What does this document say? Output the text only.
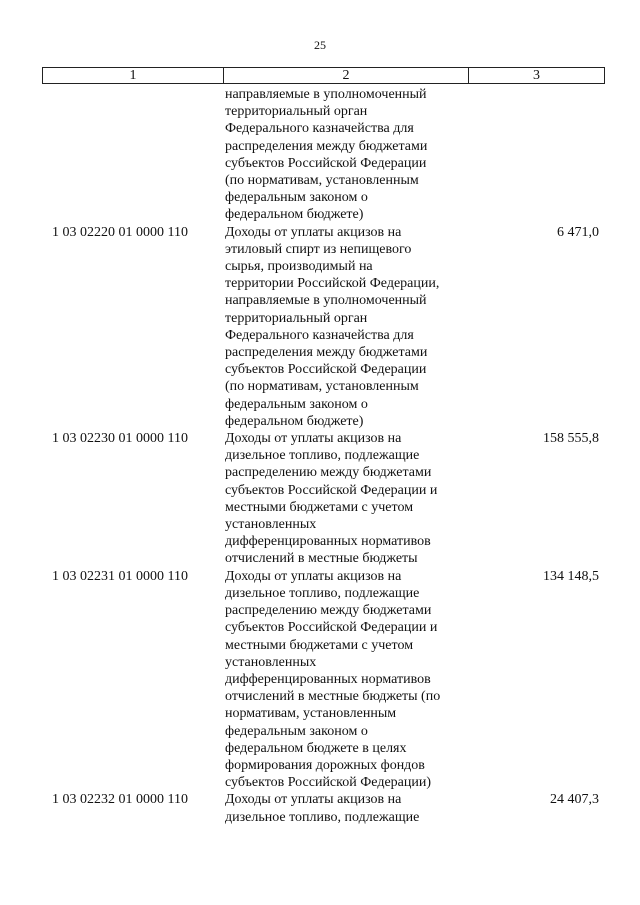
25
1	2	3
направляемые в уполномоченный
территориальный орган
Федерального казначейства для
распределения между бюджетами
субъектов Российской Федерации
(по нормативам, установленным
федеральным законом о
федеральном бюджете)
1 03 02220 01 0000 110	Доходы от уплаты акцизов на
этиловый спирт из непищевого
сырья, производимый на
территории Российской Федерации,
направляемые в уполномоченный
территориальный орган
Федерального казначейства для
распределения между бюджетами
субъектов Российской Федерации
(по нормативам, установленным
федеральным законом о
федеральном бюджете)
6 471,0
1 03 02230 01 0000 110	Доходы от уплаты акцизов на
дизельное топливо, подлежащие
распределению между бюджетами
субъектов Российской Федерации и
местными бюджетами с учетом
установленных
дифференцированных нормативов
отчислений в местные бюджеты
158 555,8
1 03 02231 01 0000 110	Доходы от уплаты акцизов на
дизельное топливо, подлежащие
распределению между бюджетами
субъектов Российской Федерации и
местными бюджетами с учетом
установленных
дифференцированных нормативов
отчислений в местные бюджеты (по
нормативам, установленным
федеральным законом о
федеральном бюджете в целях
формирования дорожных фондов
субъектов Российской Федерации)
134 148,5
1 03 02232 01 0000 110	Доходы от уплаты акцизов на
дизельное топливо, подлежащие
24 407,3
